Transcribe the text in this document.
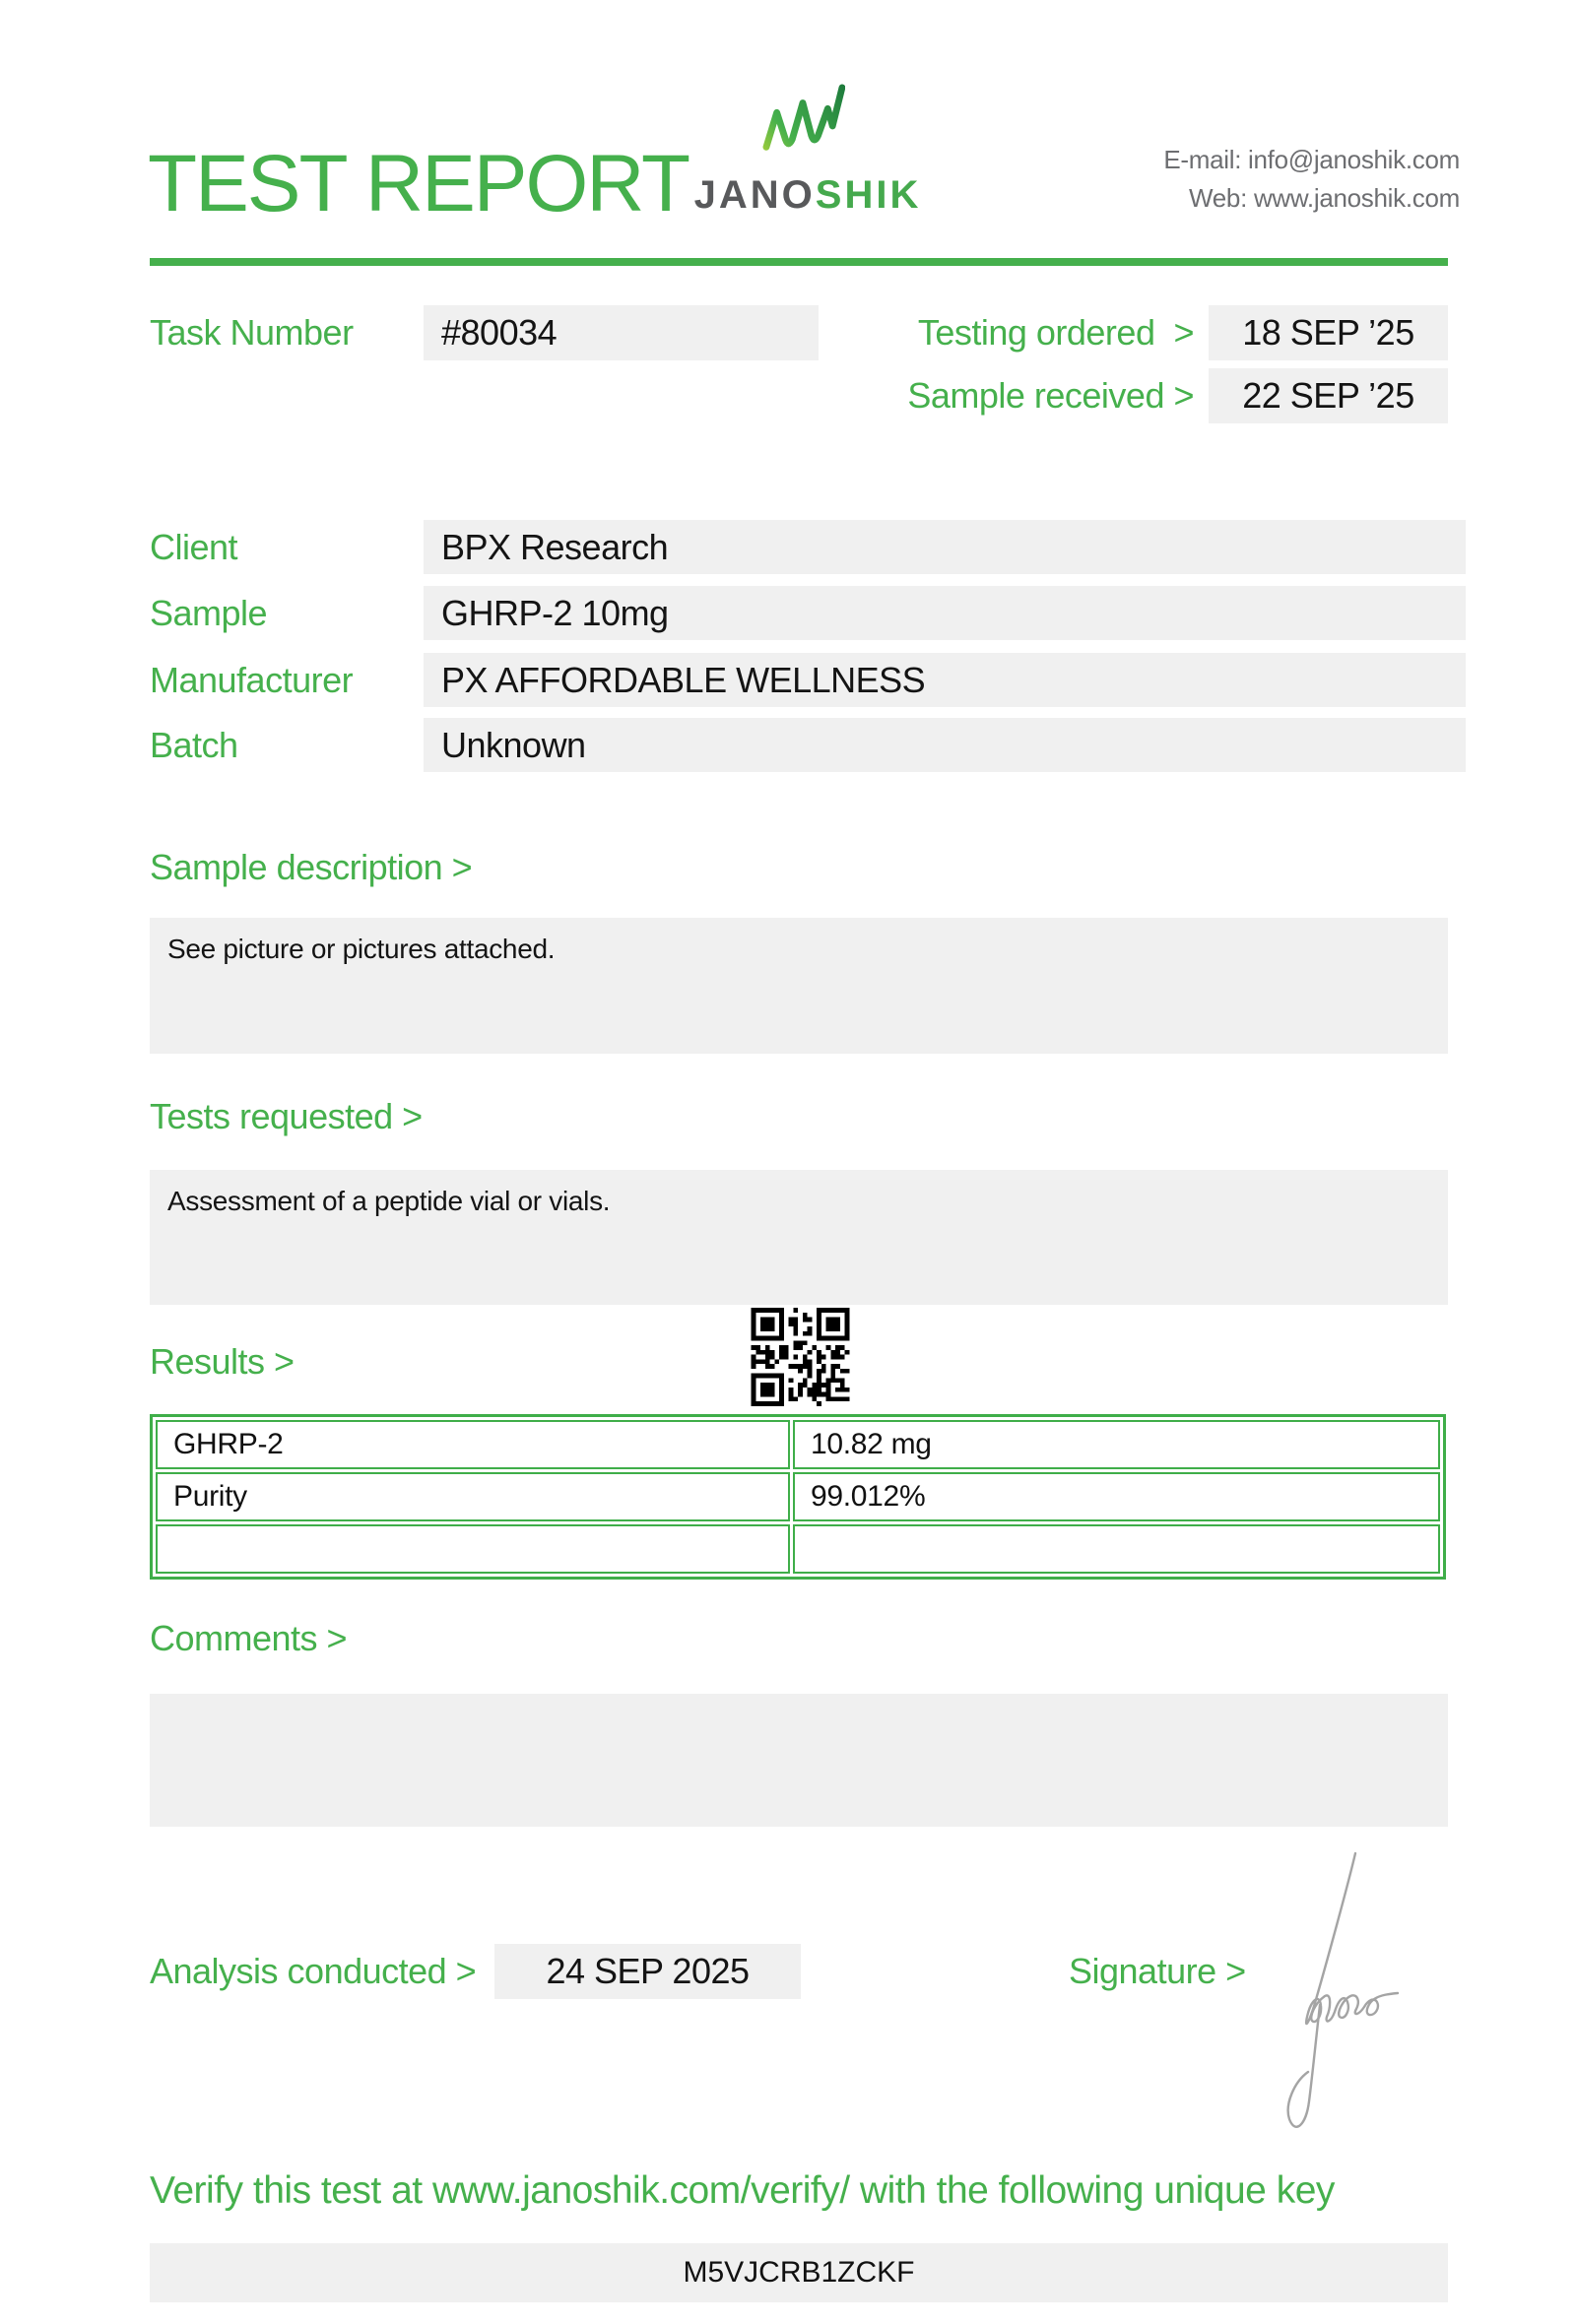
TEST REPORT JANOSHIK
E-mail: info@janoshik.com
Web: www.janoshik.com
Task Number	#80034	Testing ordered  >	18 SEP ’25
Sample received >	22 SEP ’25
Client	BPX Research
Sample	GHRP-2 10mg
Manufacturer	PX AFFORDABLE WELLNESS
Batch	Unknown
Sample description >
See picture or pictures attached.
Tests requested >
Assessment of a peptide vial or vials.
Results >
GHRP-2	10.82 mg
Purity	99.012%

Comments >
Analysis conducted >	24 SEP 2025	Signature >
Verify this test at www.janoshik.com/verify/ with the following unique key
M5VJCRB1ZCKF
